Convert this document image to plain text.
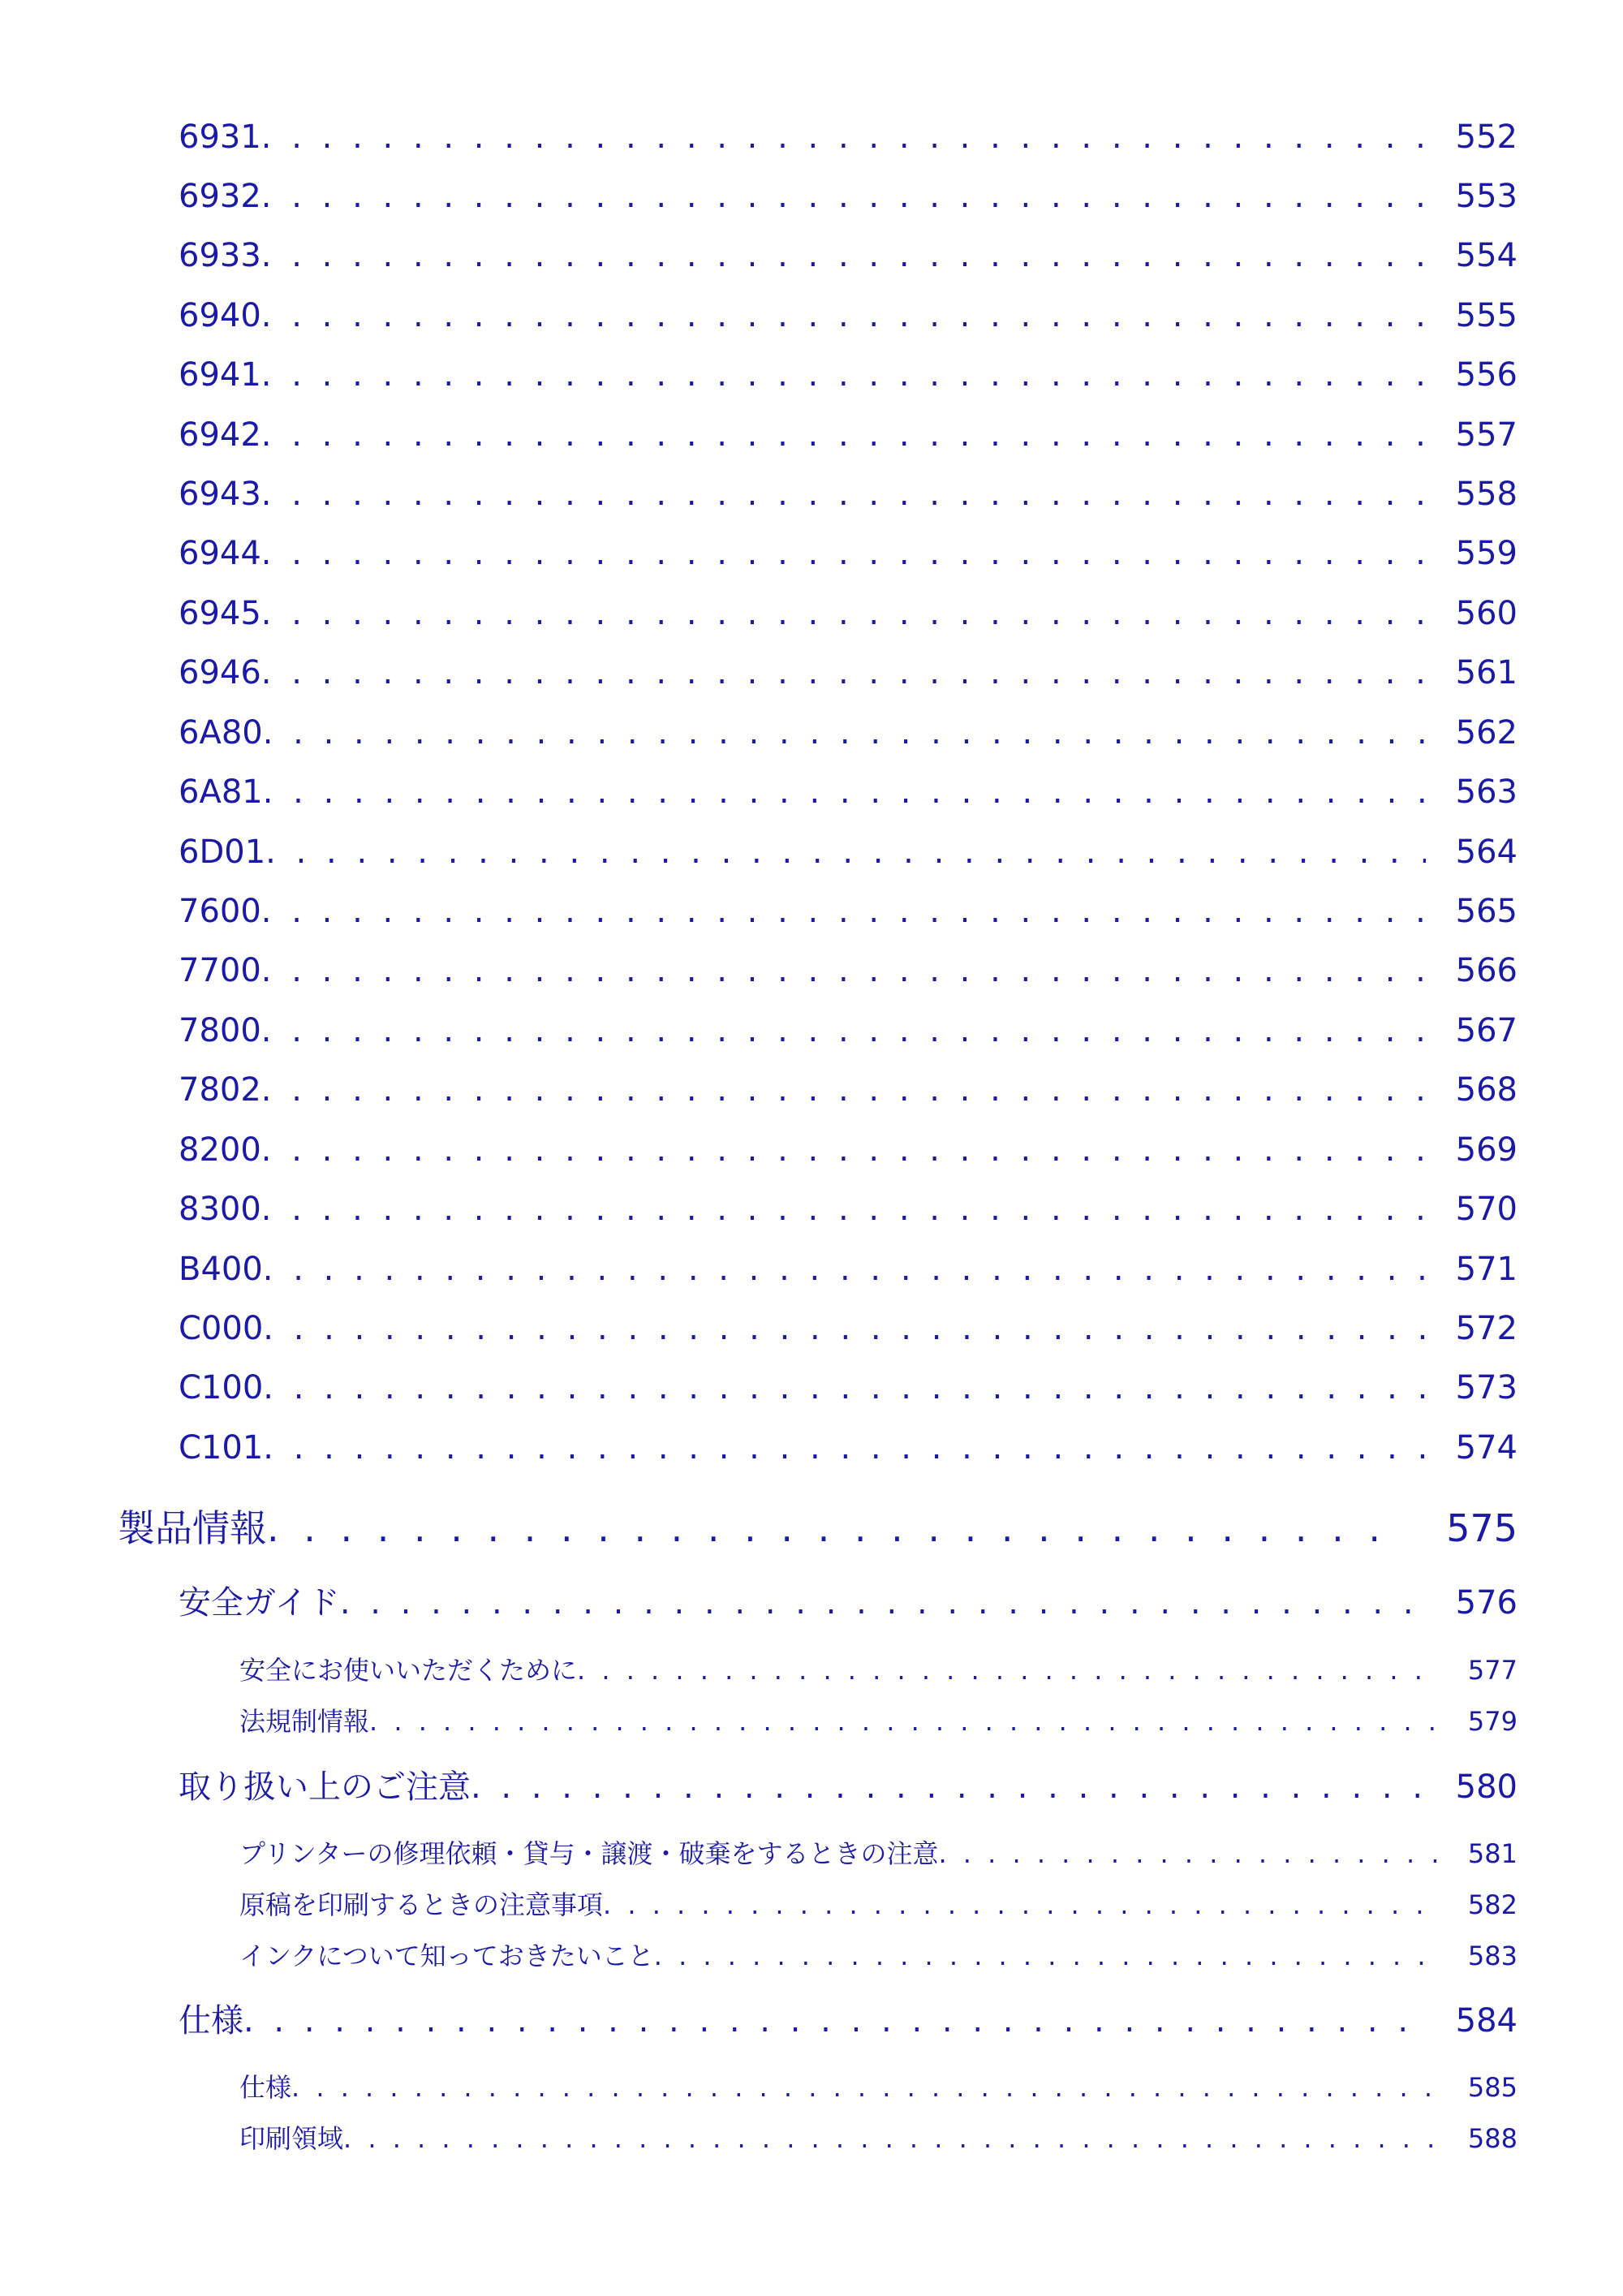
6931 . . .	552
6932 . . .	553
6933 . . .	554
6940 . . .	555
6941 . . .	556
6942 . . .	557
6943 . . .	558
6944 . . .	559
6945 . . .	560
6946 . . .	561
6A80 . . .	562
6A81 . . .	563
6D01 . . .	564
7600 . . .	565
7700 . . .	566
7800 . . .	567
7802 . . .	568
8200 . . .	569
8300 . . .	570
B400 . . .	571
C000 . . .	572
C100 . . .	573
C101 . . .	574
製品情報 . . .	575
安全ガイド . . .	576
安全にお使いいただくために . . .	577
法規制情報 . . .	579
取り扱い上のご注意 . . .	580
プリンターの修理依頼・貸与・譲渡・破棄をするときの注意 . . .	581
原稿を印刷するときの注意事項 . . .	582
インクについて知っておきたいこと . . .	583
仕様 . . .	584
仕様 . . .	585
印刷領域 . . .	588
